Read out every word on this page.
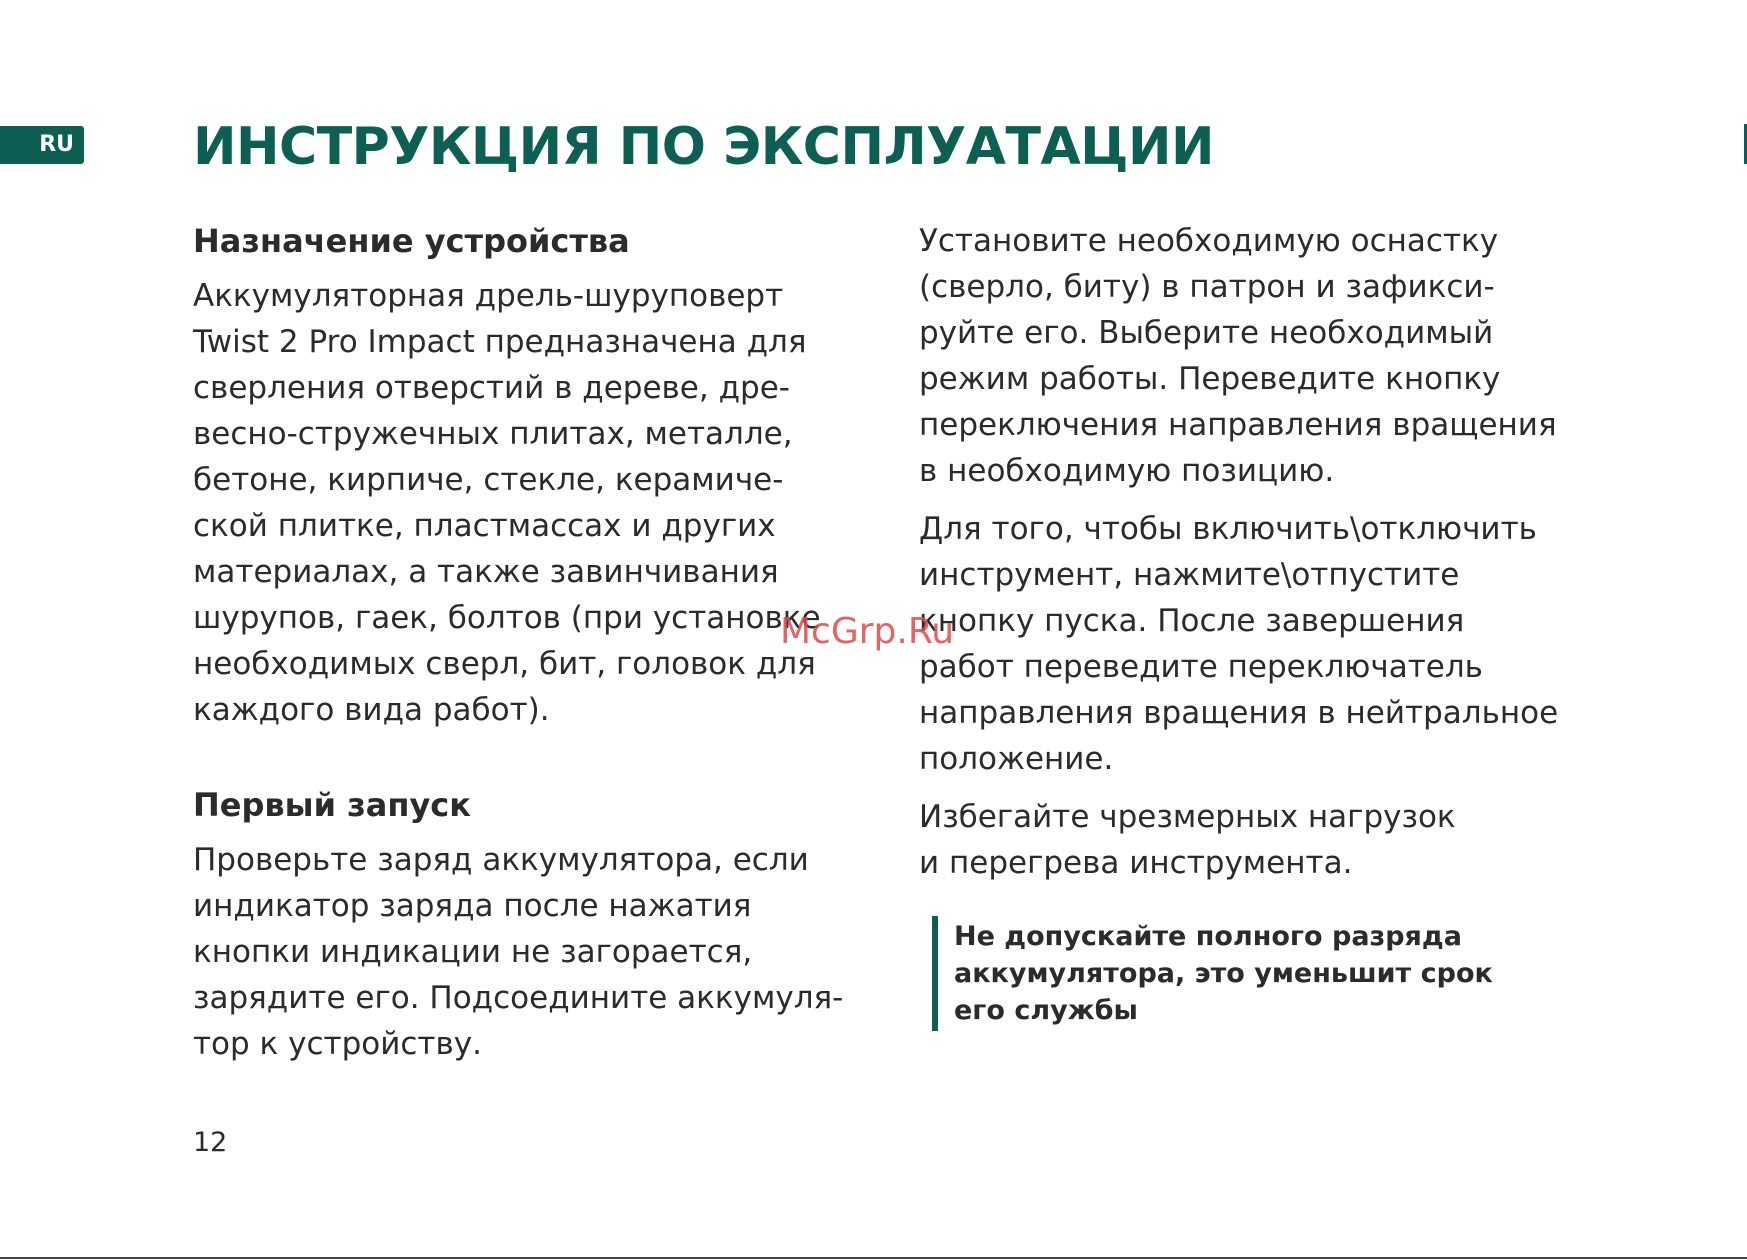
RU ИНСТРУКЦИЯ ПО ЭКСПЛУАТАЦИИ
Назначение устройства

Аккумуляторная дрель-шуруповерт
Twist 2 Pro Impact предназначена для
сверления отверстий в дереве, дре-
весно-стружечных плитах, металле,
бетоне, кирпиче, стекле, керамиче-
ской плитке, пластмассах и других
материалах, а также завинчивания
шурупов, гаек, болтов (при установке
необходимых сверл, бит, головок для
каждого вида работ).

Первый запуск

Проверьте заряд аккумулятора, если
индикатор заряда после нажатия
кнопки индикации не загорается,
зарядите его. Подсоедините аккумуля-
тор к устройству.

Установите необходимую оснастку
(сверло, биту) в патрон и зафикси-
руйте его. Выберите необходимый
режим работы. Переведите кнопку
переключения направления вращения
в необходимую позицию.

Для того, чтобы включить\отключить
инструмент, нажмите\отпустите
кнопку пуска. После завершения
работ переведите переключатель
направления вращения в нейтральное
положение.

Избегайте чрезмерных нагрузок
и перегрева инструмента.

Не допускайте полного разряда
аккумулятора, это уменьшит срок
его службы
McGrp.Ru
12
